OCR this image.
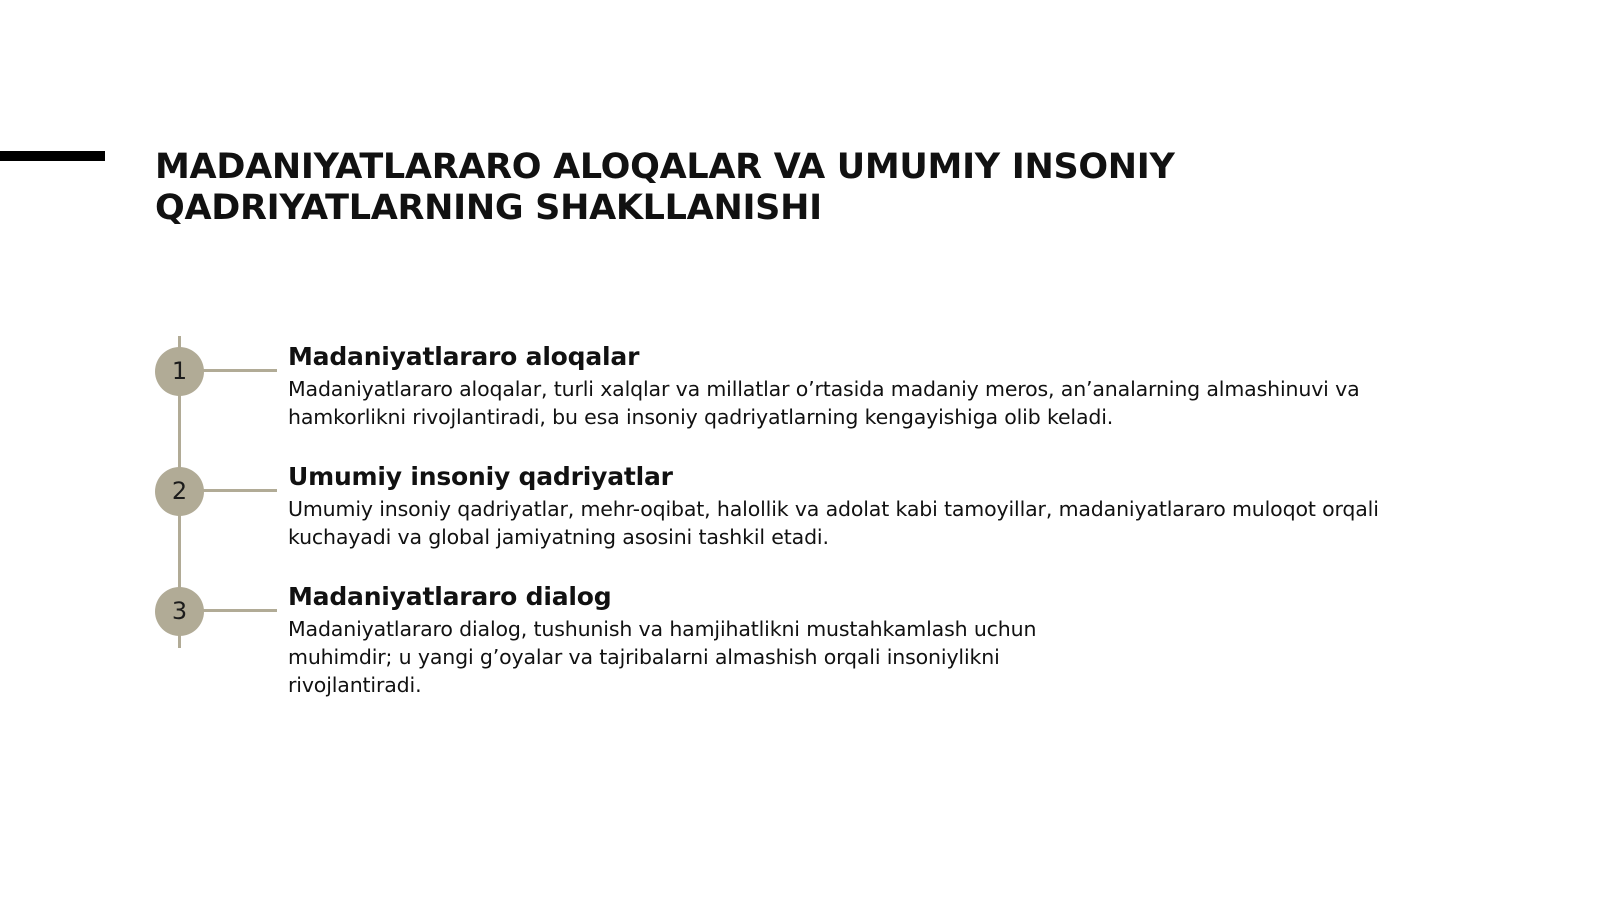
MADANIYATLARARO ALOQALAR VA UMUMIY INSONIY
QADRIYATLARNING SHAKLLANISHI
1	Madaniyatlararo aloqalar

Madaniyatlararo aloqalar, turli xalqlar va millatlar o’rtasida madaniy meros, an’analarning almashinuvi va
hamkorlikni rivojlantiradi, bu esa insoniy qadriyatlarning kengayishiga olib keladi.

2	Umumiy insoniy qadriyatlar

Umumiy insoniy qadriyatlar, mehr-oqibat, halollik va adolat kabi tamoyillar, madaniyatlararo muloqot orqali
kuchayadi va global jamiyatning asosini tashkil etadi.

3	Madaniyatlararo dialog

Madaniyatlararo dialog, tushunish va hamjihatlikni mustahkamlash uchun
muhimdir; u yangi g’oyalar va tajribalarni almashish orqali insoniylikni
rivojlantiradi.
